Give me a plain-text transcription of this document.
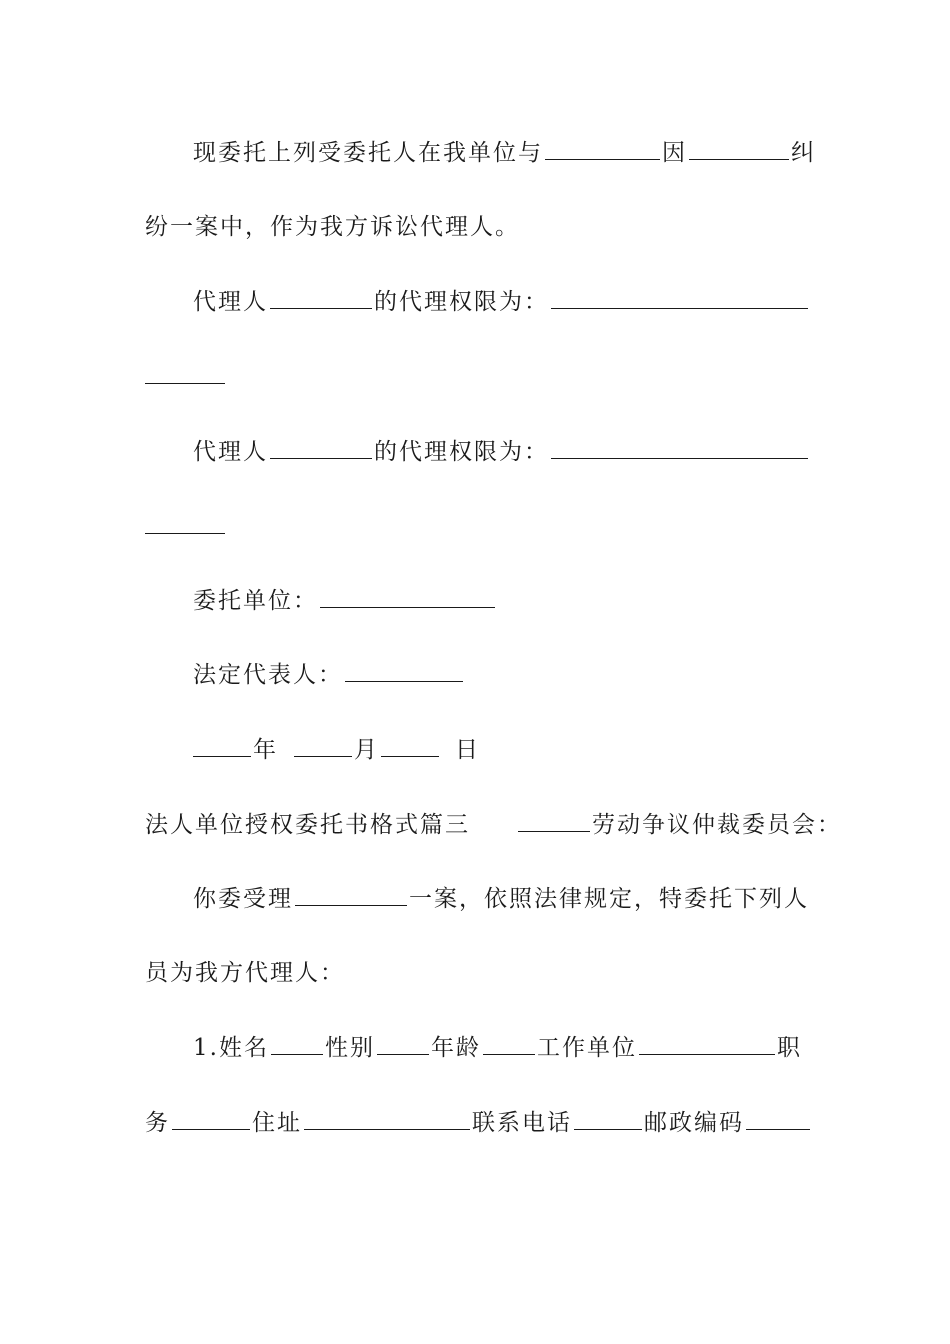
现委托上列受委托人在我单位与	因	纠
纷一案中，作为我方诉讼代理人。
代理人	的代理权限为：
代理人	的代理权限为：
委托单位：
法定代表人：
年	月	日
法人单位授权委托书格式篇三	劳动争议仲裁委员会：
你委受理	一案，依照法律规定，特委托下列人
员为我方代理人：
1. 姓名 性别 年龄 工作单位	职
务	住址	联系电话	邮政编码
